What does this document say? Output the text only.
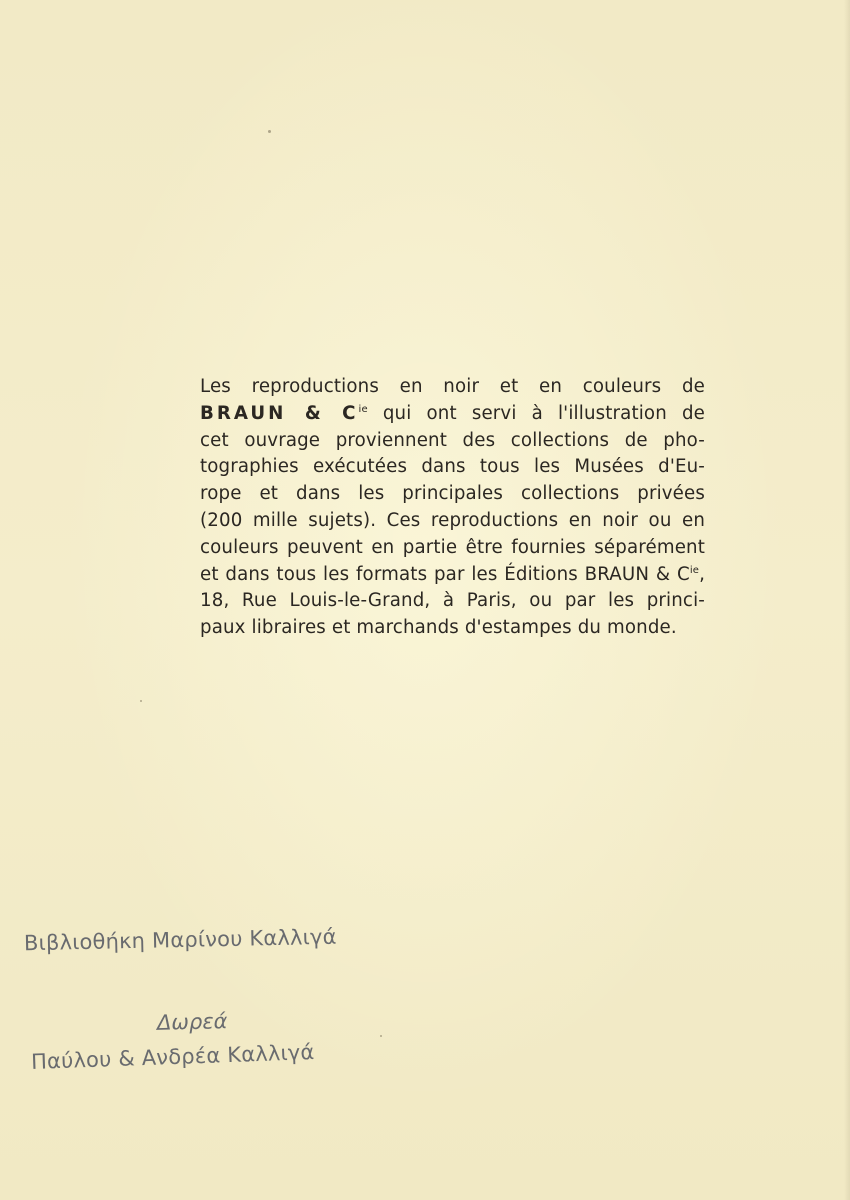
Les reproductions en noir et en couleurs de
BRAUN & $C^{ie}$ qui ont servi à l'illustration de
cet ouvrage proviennent des collections de pho-
tographies exécutées dans tous les Musées d'Eu-
rope et dans les principales collections privées
(200 mille sujets). Ces reproductions en noir ou en
couleurs peuvent en partie être fournies séparément
et dans tous les formats par les Éditions BRAUN & $C^{ie}$,
18, Rue Louis-le-Grand, à Paris, ou par les princi-
paux libraires et marchands d'estampes du monde.
Βιβλιοθήκη Μαρίνου Καλλιγά
Δωρεά
Παύλου & Ανδρέα Καλλιγά
